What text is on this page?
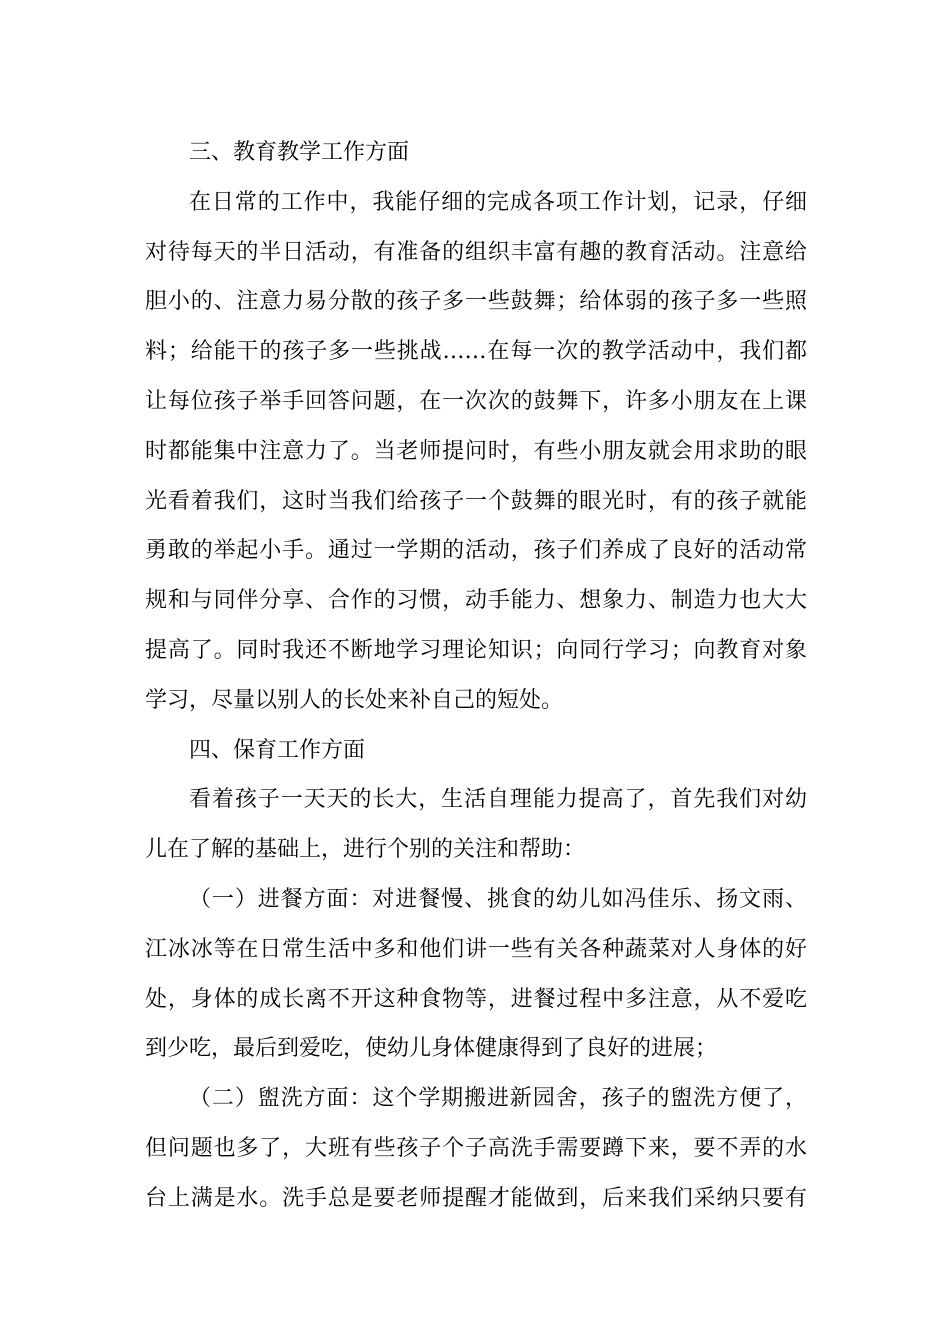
三、教育教学工作方面
在日常的工作中，我能仔细的完成各项工作计划，记录，仔细
对待每天的半日活动，有准备的组织丰富有趣的教育活动。注意给
胆小的、注意力易分散的孩子多一些鼓舞；给体弱的孩子多一些照
料；给能干的孩子多一些挑战……在每一次的教学活动中，我们都
让每位孩子举手回答问题，在一次次的鼓舞下，许多小朋友在上课
时都能集中注意力了。当老师提问时，有些小朋友就会用求助的眼
光看着我们，这时当我们给孩子一个鼓舞的眼光时，有的孩子就能
勇敢的举起小手。通过一学期的活动，孩子们养成了良好的活动常
规和与同伴分享、合作的习惯，动手能力、想象力、制造力也大大
提高了。同时我还不断地学习理论知识；向同行学习；向教育对象
学习，尽量以别人的长处来补自己的短处。
四、保育工作方面
看着孩子一天天的长大，生活自理能力提高了，首先我们对幼
儿在了解的基础上，进行个别的关注和帮助：
（一）进餐方面：对进餐慢、挑食的幼儿如冯佳乐、扬文雨、
江冰冰等在日常生活中多和他们讲一些有关各种蔬菜对人身体的好
处，身体的成长离不开这种食物等，进餐过程中多注意，从不爱吃
到少吃，最后到爱吃，使幼儿身体健康得到了良好的进展；
（二）盥洗方面：这个学期搬进新园舍，孩子的盥洗方便了，
但问题也多了，大班有些孩子个子高洗手需要蹲下来，要不弄的水
台上满是水。洗手总是要老师提醒才能做到，后来我们采纳只要有
